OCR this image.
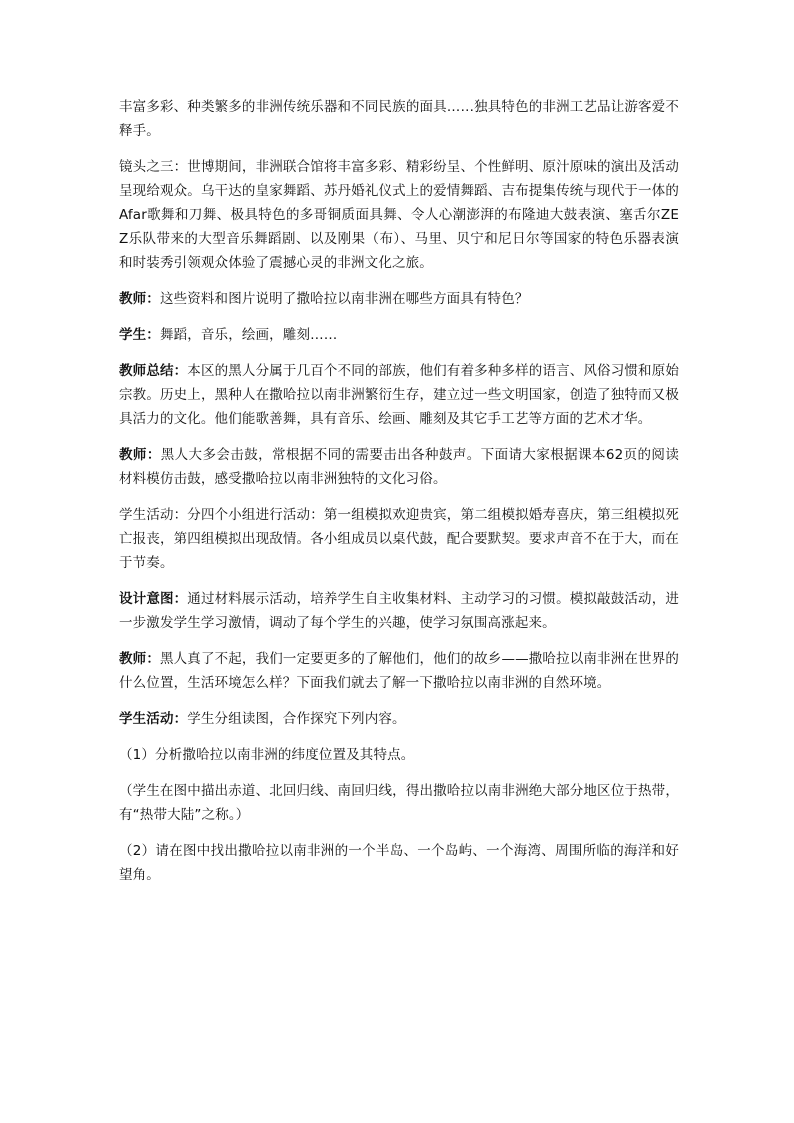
丰富多彩、种类繁多的非洲传统乐器和不同民族的面具……独具特色的非洲工艺品让游客爱不释手。

镜头之三：世博期间，非洲联合馆将丰富多彩、精彩纷呈、个性鲜明、原汁原味的演出及活动呈现给观众。乌干达的皇家舞蹈、苏丹婚礼仪式上的爱情舞蹈、吉布提集传统与现代于一体的Afar歌舞和刀舞、极具特色的多哥铜质面具舞、令人心潮澎湃的布隆迪大鼓表演、塞舌尔ZEZ乐队带来的大型音乐舞蹈剧、以及刚果（布）、马里、贝宁和尼日尔等国家的特色乐器表演和时装秀引领观众体验了震撼心灵的非洲文化之旅。

教师：这些资料和图片说明了撒哈拉以南非洲在哪些方面具有特色？

学生：舞蹈，音乐，绘画，雕刻……

教师总结：本区的黑人分属于几百个不同的部族，他们有着多种多样的语言、风俗习惯和原始宗教。历史上，黑种人在撒哈拉以南非洲繁衍生存，建立过一些文明国家，创造了独特而又极具活力的文化。他们能歌善舞，具有音乐、绘画、雕刻及其它手工艺等方面的艺术才华。

教师：黑人大多会击鼓，常根据不同的需要击出各种鼓声。下面请大家根据课本62页的阅读材料模仿击鼓，感受撒哈拉以南非洲独特的文化习俗。

学生活动：分四个小组进行活动：第一组模拟欢迎贵宾，第二组模拟婚寿喜庆，第三组模拟死亡报丧，第四组模拟出现敌情。各小组成员以桌代鼓，配合要默契。要求声音不在于大，而在于节奏。

设计意图：通过材料展示活动，培养学生自主收集材料、主动学习的习惯。模拟敲鼓活动，进一步激发学生学习激情，调动了每个学生的兴趣，使学习氛围高涨起来。

教师：黑人真了不起，我们一定要更多的了解他们，他们的故乡——撒哈拉以南非洲在世界的什么位置，生活环境怎么样？下面我们就去了解一下撒哈拉以南非洲的自然环境。

学生活动：学生分组读图，合作探究下列内容。

（1）分析撒哈拉以南非洲的纬度位置及其特点。

（学生在图中描出赤道、北回归线、南回归线，得出撒哈拉以南非洲绝大部分地区位于热带，有“热带大陆”之称。）

（2）请在图中找出撒哈拉以南非洲的一个半岛、一个岛屿、一个海湾、周围所临的海洋和好望角。
